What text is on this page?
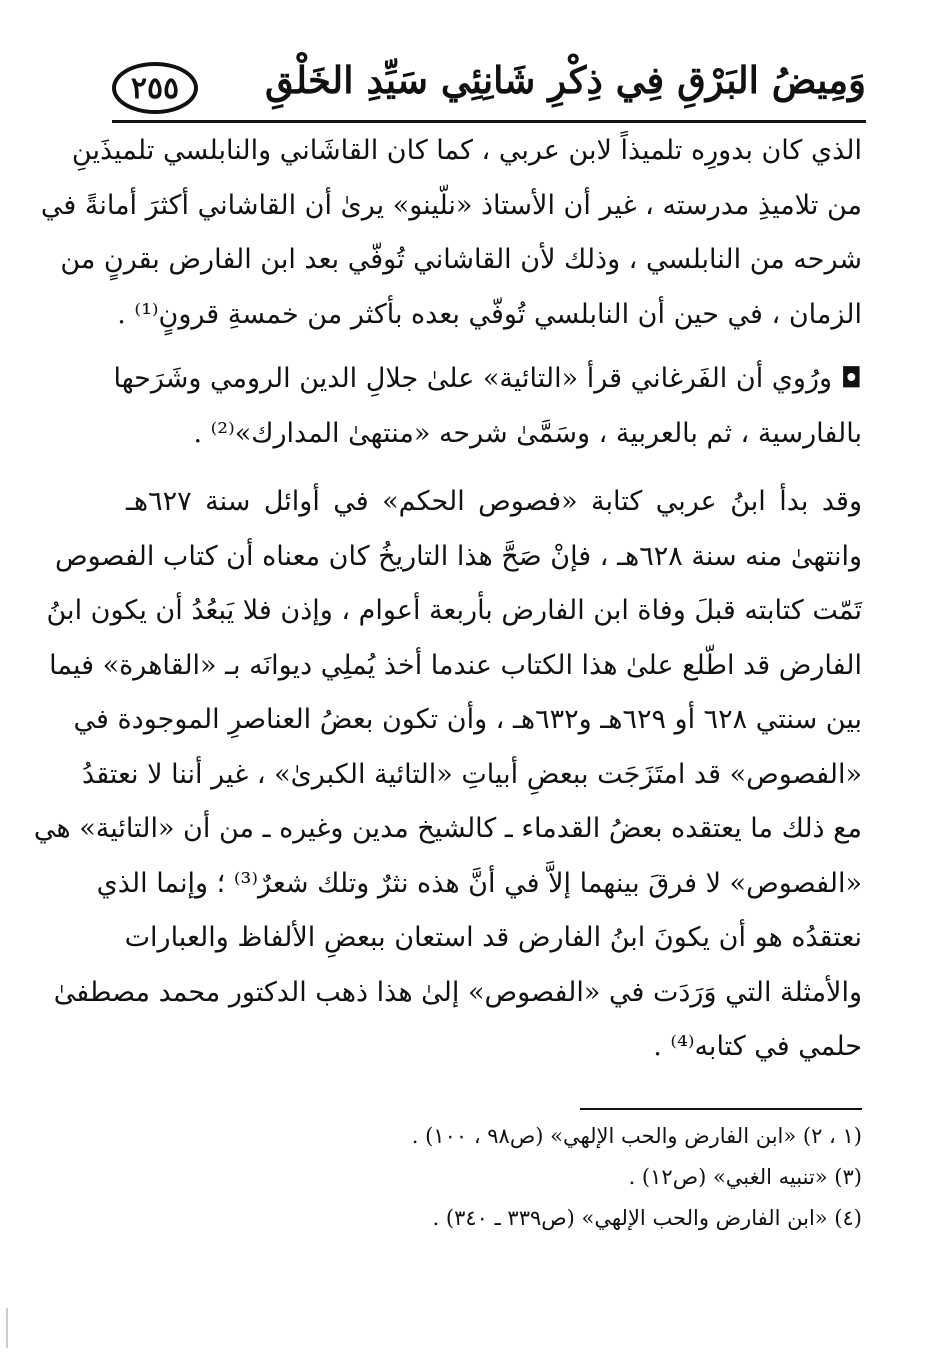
٢٥٥ وَمِيضُ البَرْقِ فِي ذِكْرِ شَانِئِي سَيِّدِ الخَلْقِ

الذي كان بدورِه تلميذاً لابن عربي ، كما كان القاشَاني والنابلسي تلميذَينِ
من تلاميذِ مدرسته ، غير أن الأستاذ «نلّينو» يرىٰ أن القاشاني أكثرَ أمانةً في
شرحه من النابلسي ، وذلك لأن القاشاني تُوفّي بعد ابن الفارض بقرنٍ من
الزمان ، في حين أن النابلسي تُوفّي بعده بأكثر من خمسةِ قرونٍ⁽¹⁾ .

◘ ورُوي أن الفَرغاني قرأ «التائية» علىٰ جلالِ الدين الرومي وشَرَحها
بالفارسية ، ثم بالعربية ، وسَمَّىٰ شرحه «منتهىٰ المدارك»⁽²⁾ .

وقد بدأ ابنُ عربي كتابة «فصوص الحكم» في أوائل سنة ٦٢٧هـ
وانتهىٰ منه سنة ٦٢٨هـ ، فإنْ صَحَّ هذا التاريخُ كان معناه أن كتاب الفصوص
تَمّت كتابته قبلَ وفاة ابن الفارض بأربعة أعوام ، وإذن فلا يَبعُدُ أن يكون ابنُ
الفارض قد اطّلع علىٰ هذا الكتاب عندما أخذ يُملِي ديوانَه بـ «القاهرة» فيما
بين سنتي ٦٢٨ أو ٦٢٩هـ و٦٣٢هـ ، وأن تكون بعضُ العناصرِ الموجودة في
«الفصوص» قد امتَزَجَت ببعضِ أبياتِ «التائية الكبرىٰ» ، غير أننا لا نعتقدُ
مع ذلك ما يعتقده بعضُ القدماء ـ كالشيخ مدين وغيره ـ من أن «التائية» هي
«الفصوص» لا فرقَ بينهما إلاَّ في أنَّ هذه نثرٌ وتلك شعرٌ⁽³⁾ ؛ وإنما الذي
نعتقدُه هو أن يكونَ ابنُ الفارض قد استعان ببعضِ الألفاظ والعبارات
والأمثلة التي وَرَدَت في «الفصوص» إلىٰ هذا ذهب الدكتور محمد مصطفىٰ
حلمي في كتابه⁽⁴⁾ .

(١ ، ٢) «ابن الفارض والحب الإلهي» (ص٩٨ ، ١٠٠) .
(٣) «تنبيه الغبي» (ص١٢) .
(٤) «ابن الفارض والحب الإلهي» (ص٣٣٩ ـ ٣٤٠) .
